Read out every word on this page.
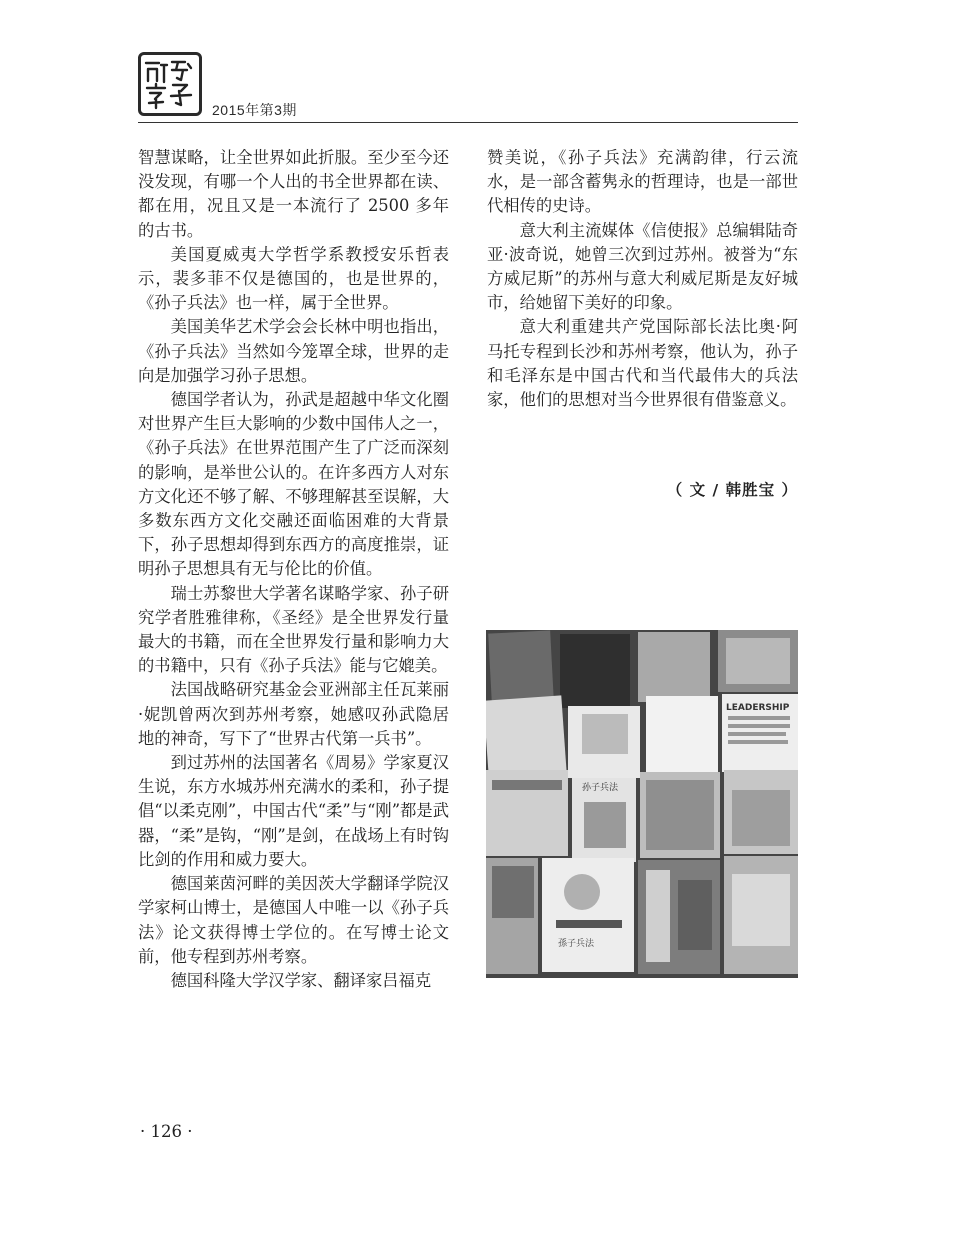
2015年第3期

智慧谋略，让全世界如此折服。至少至今还没发现，有哪一个人出的书全世界都在读、都在用，况且又是一本流行了 2500 多年的古书。

美国夏威夷大学哲学系教授安乐哲表示，裴多菲不仅是德国的，也是世界的，《孙子兵法》也一样，属于全世界。

美国美华艺术学会会长林中明也指出，《孙子兵法》当然如今笼罩全球，世界的走向是加强学习孙子思想。

德国学者认为，孙武是超越中华文化圈对世界产生巨大影响的少数中国伟人之一，《孙子兵法》在世界范围产生了广泛而深刻的影响，是举世公认的。在许多西方人对东方文化还不够了解、不够理解甚至误解，大多数东西方文化交融还面临困难的大背景下，孙子思想却得到东西方的高度推崇，证明孙子思想具有无与伦比的价值。

瑞士苏黎世大学著名谋略学家、孙子研究学者胜雅律称，《圣经》是全世界发行量最大的书籍，而在全世界发行量和影响力大的书籍中，只有《孙子兵法》能与它媲美。

法国战略研究基金会亚洲部主任瓦莱丽·妮凯曾两次到苏州考察，她感叹孙武隐居地的神奇，写下了“世界古代第一兵书”。

到过苏州的法国著名《周易》学家夏汉生说，东方水城苏州充满水的柔和，孙子提倡“以柔克刚”，中国古代“柔”与“刚”都是武器，“柔”是钩，“刚”是剑，在战场上有时钩比剑的作用和威力要大。

德国莱茵河畔的美因茨大学翻译学院汉学家柯山博士，是德国人中唯一以《孙子兵法》论文获得博士学位的。在写博士论文前，他专程到苏州考察。

德国科隆大学汉学家、翻译家吕福克

赞美说，《孙子兵法》充满韵律，行云流水，是一部含蓄隽永的哲理诗，也是一部世代相传的史诗。

意大利主流媒体《信使报》总编辑陆奇亚·波奇说，她曾三次到过苏州。被誉为“东方威尼斯”的苏州与意大利威尼斯是友好城市，给她留下美好的印象。

意大利重建共产党国际部长法比奥·阿马托专程到长沙和苏州考察，他认为，孙子和毛泽东是中国古代和当代最伟大的兵法家，他们的思想对当今世界很有借鉴意义。

（ 文 / 韩胜宝 ）
LEADERSHIP
孙子兵法
孫子兵法
· 126 ·
